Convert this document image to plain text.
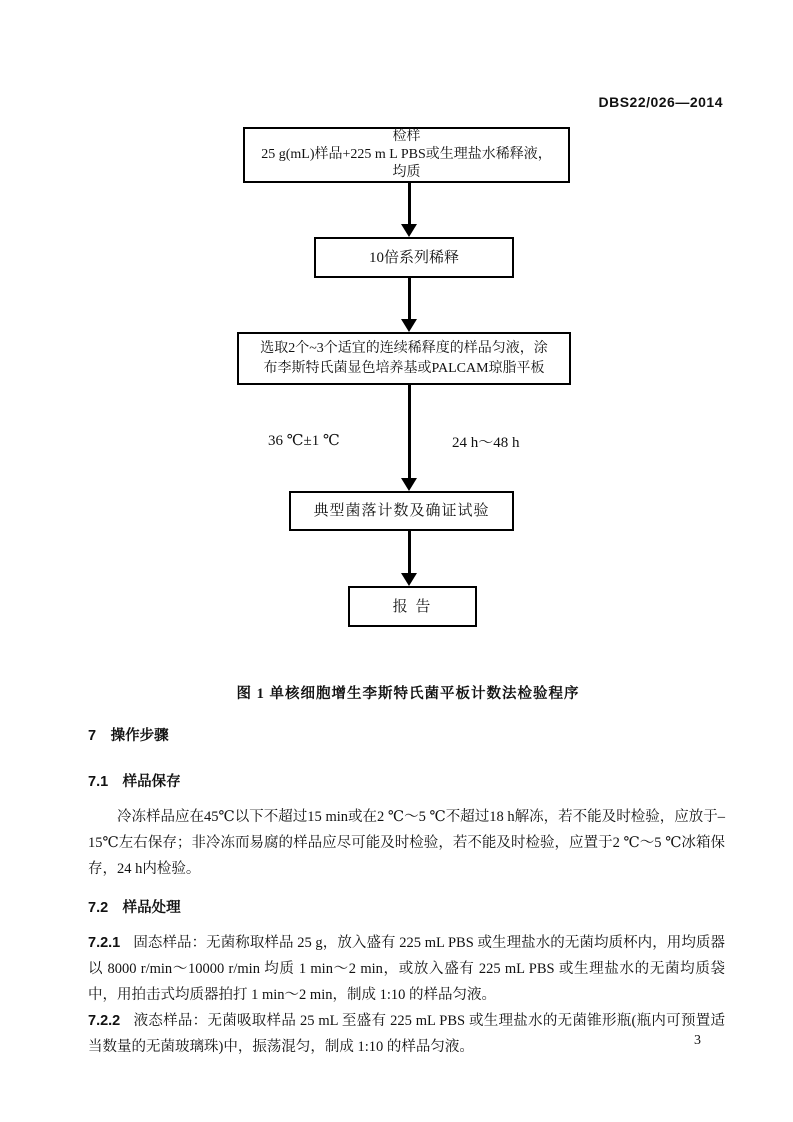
DBS22/026—2014
检样
25 g(mL)样品+225 m L PBS或生理盐水稀释液，
均质
10倍系列稀释
选取2个~3个适宜的连续稀释度的样品匀液，涂
布李斯特氏菌显色培养基或PALCAM琼脂平板
36 ℃±1 ℃	24 h～48 h
典型菌落计数及确证试验
报 告
图 1 单核细胞增生李斯特氏菌平板计数法检验程序
7 操作步骤
7.1 样品保存

冷冻样品应在45℃以下不超过15 min或在2 ℃～5 ℃不超过18 h解冻，若不能及时检验，应放于–15℃左右保存；非冷冻而易腐的样品应尽可能及时检验，若不能及时检验，应置于2 ℃～5 ℃冰箱保存，24 h内检验。

7.2 样品处理

7.2.1 固态样品：无菌称取样品 25 g，放入盛有 225 mL PBS 或生理盐水的无菌均质杯内，用均质器以 8000 r/min～10000 r/min 均质 1 min～2 min，或放入盛有 225 mL PBS 或生理盐水的无菌均质袋中，用拍击式均质器拍打 1 min～2 min，制成 1:10 的样品匀液。

7.2.2 液态样品：无菌吸取样品 25 mL 至盛有 225 mL PBS 或生理盐水的无菌锥形瓶(瓶内可预置适当数量的无菌玻璃珠)中，振荡混匀，制成 1:10 的样品匀液。	3
